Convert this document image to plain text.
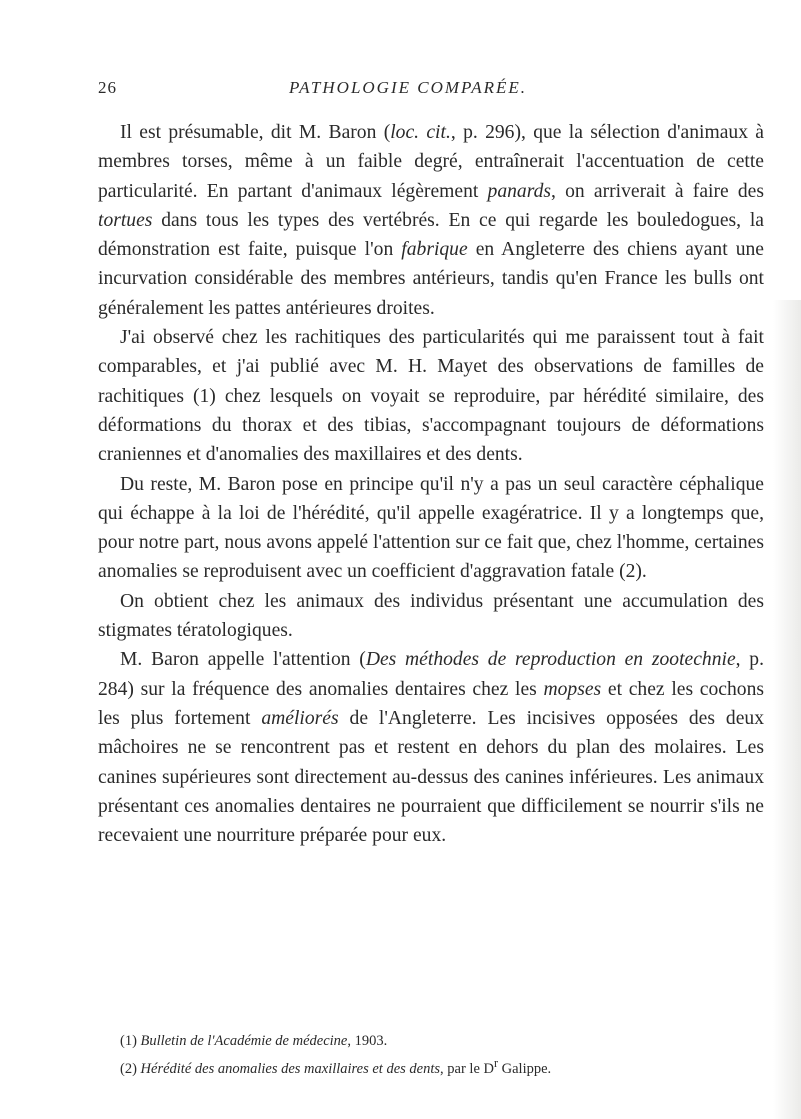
26	PATHOLOGIE COMPARÉE.

Il est présumable, dit M. Baron (loc. cit., p. 296), que la sélection d'animaux à membres torses, même à un faible degré, entraînerait l'accentuation de cette particularité. En partant d'animaux légèrement panards, on arriverait à faire des tortues dans tous les types des vertébrés. En ce qui regarde les bouledogues, la démonstration est faite, puisque l'on fabrique en Angleterre des chiens ayant une incurvation considérable des membres antérieurs, tandis qu'en France les bulls ont généralement les pattes antérieures droites.

J'ai observé chez les rachitiques des particularités qui me paraissent tout à fait comparables, et j'ai publié avec M. H. Mayet des observations de familles de rachitiques (1) chez lesquels on voyait se reproduire, par hérédité similaire, des déformations du thorax et des tibias, s'accompagnant toujours de déformations craniennes et d'anomalies des maxillaires et des dents.

Du reste, M. Baron pose en principe qu'il n'y a pas un seul caractère céphalique qui échappe à la loi de l'hérédité, qu'il appelle exagératrice. Il y a longtemps que, pour notre part, nous avons appelé l'attention sur ce fait que, chez l'homme, certaines anomalies se reproduisent avec un coefficient d'aggravation fatale (2).

On obtient chez les animaux des individus présentant une accumulation des stigmates tératologiques.

M. Baron appelle l'attention (Des méthodes de reproduction en zootechnie, p. 284) sur la fréquence des anomalies dentaires chez les mopses et chez les cochons les plus fortement améliorés de l'Angleterre. Les incisives opposées des deux mâchoires ne se rencontrent pas et restent en dehors du plan des molaires. Les canines supérieures sont directement au-dessus des canines inférieures. Les animaux présentant ces anomalies dentaires ne pourraient que difficilement se nourrir s'ils ne recevaient une nourriture préparée pour eux.

(1) Bulletin de l'Académie de médecine, 1903.

(2) Hérédité des anomalies des maxillaires et des dents, par le $D^r$ Galippe.
